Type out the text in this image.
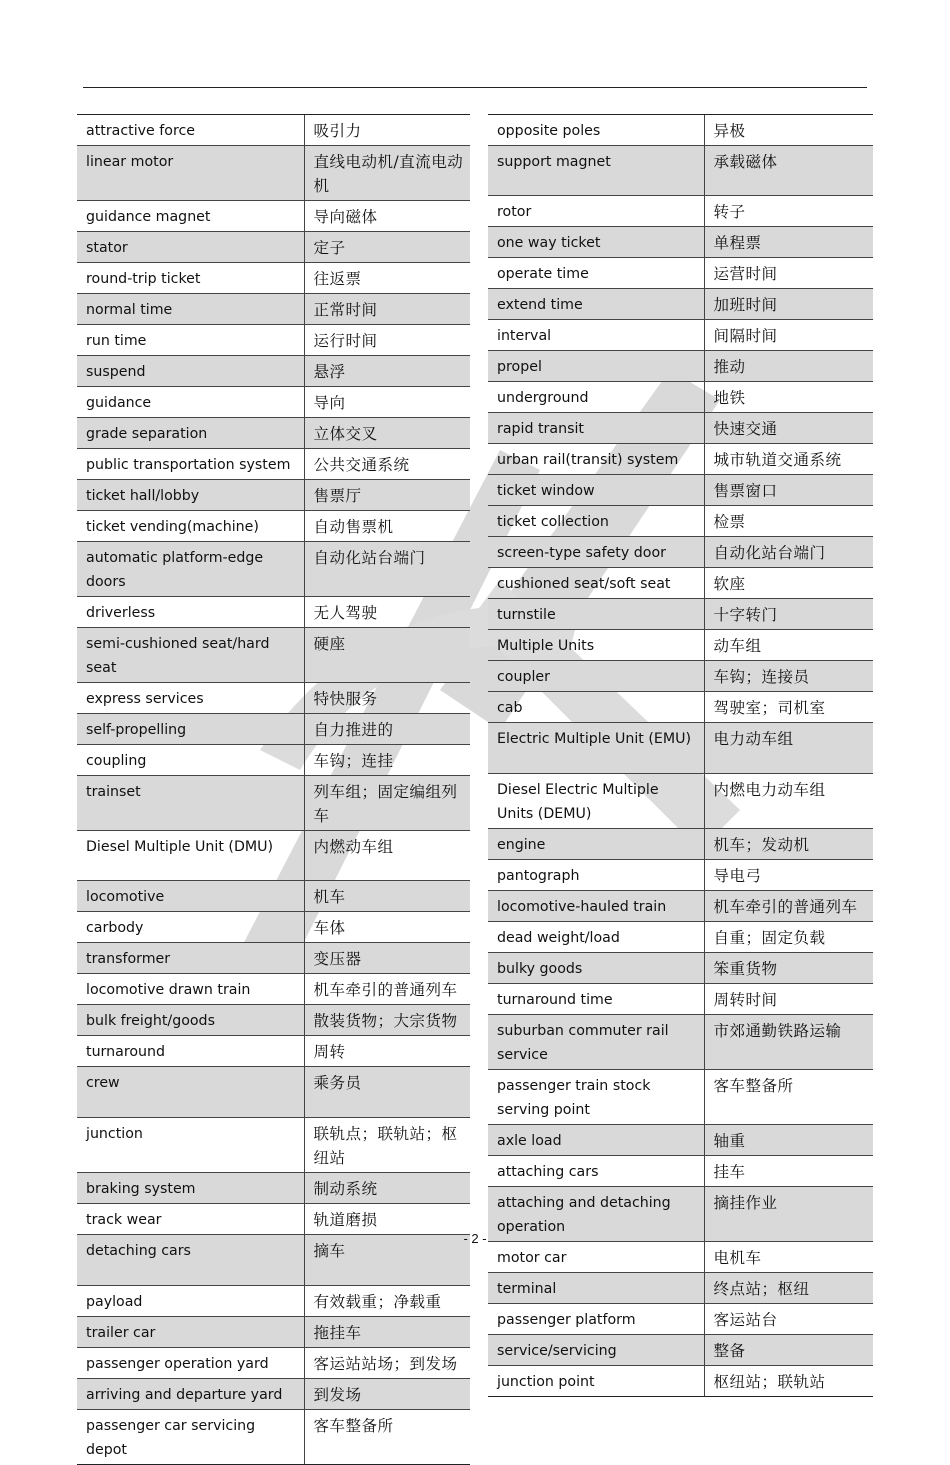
attractive force	吸引力
linear motor	直线电动机/直流电动机
guidance magnet	导向磁体
stator	定子
round-trip ticket	往返票
normal time	正常时间
run time	运行时间
suspend	悬浮
guidance	导向
grade separation	立体交叉
public transportation system	公共交通系统
ticket hall/lobby	售票厅
ticket vending(machine)	自动售票机
automatic platform-edge doors	自动化站台端门
driverless	无人驾驶
semi-cushioned seat/hard seat	硬座
express services	特快服务
self-propelling	自力推进的
coupling	车钩；连挂
trainset	列车组；固定编组列车
Diesel Multiple Unit (DMU)	内燃动车组
locomotive	机车
carbody	车体
transformer	变压器
locomotive drawn train	机车牵引的普通列车
bulk freight/goods	散装货物；大宗货物
turnaround	周转
crew	乘务员
junction	联轨点；联轨站；枢纽站
braking system	制动系统
track wear	轨道磨损
detaching cars	摘车
payload	有效载重；净载重
trailer car	拖挂车
passenger operation yard	客运站站场；到发场
arriving and departure yard	到发场
passenger car servicing depot	客车整备所
opposite poles	异极
support magnet	承载磁体
rotor	转子
one way ticket	单程票
operate time	运营时间
extend time	加班时间
interval	间隔时间
propel	推动
underground	地铁
rapid transit	快速交通
urban rail(transit) system	城市轨道交通系统
ticket window	售票窗口
ticket collection	检票
screen-type safety door	自动化站台端门
cushioned seat/soft seat	软座
turnstile	十字转门
Multiple Units	动车组
coupler	车钩；连接员
cab	驾驶室；司机室
Electric Multiple Unit (EMU)	电力动车组
Diesel Electric Multiple Units (DEMU)	内燃电力动车组
engine	机车；发动机
pantograph	导电弓
locomotive-hauled train	机车牵引的普通列车
dead weight/load	自重；固定负载
bulky goods	笨重货物
turnaround time	周转时间
suburban commuter rail service	市郊通勤铁路运输
passenger train stock serving point	客车整备所
axle load	轴重
attaching cars	挂车
attaching and detaching operation	摘挂作业
motor car	电机车
terminal	终点站；枢纽
passenger platform	客运站台
service/servicing	整备
junction point	枢纽站；联轨站
- 2 -
